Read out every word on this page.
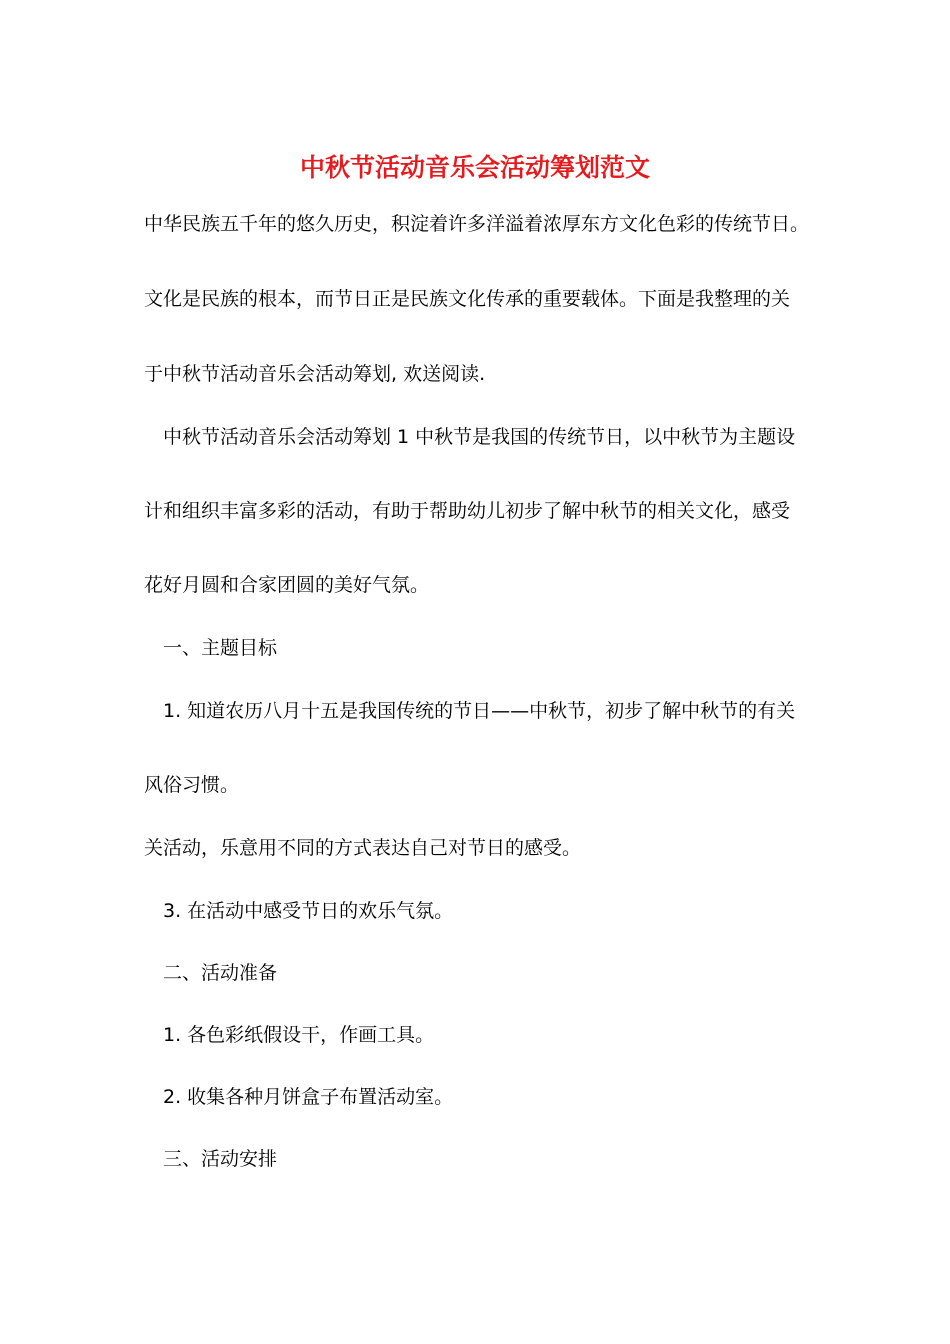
中秋节活动音乐会活动筹划范文

中华民族五千年的悠久历史，积淀着许多洋溢着浓厚东方文化色彩的传统节日。

文化是民族的根本，而节日正是民族文化传承的重要载体。下面是我整理的关

于中秋节活动音乐会活动筹划, 欢送阅读.

中秋节活动音乐会活动筹划 1 中秋节是我国的传统节日，以中秋节为主题设

计和组织丰富多彩的活动，有助于帮助幼儿初步了解中秋节的相关文化，感受

花好月圆和合家团圆的美好气氛。

一、主题目标

1. 知道农历八月十五是我国传统的节日——中秋节，初步了解中秋节的有关

风俗习惯。

关活动，乐意用不同的方式表达自己对节日的感受。

3. 在活动中感受节日的欢乐气氛。

二、活动准备

1. 各色彩纸假设干，作画工具。

2. 收集各种月饼盒子布置活动室。

三、活动安排
